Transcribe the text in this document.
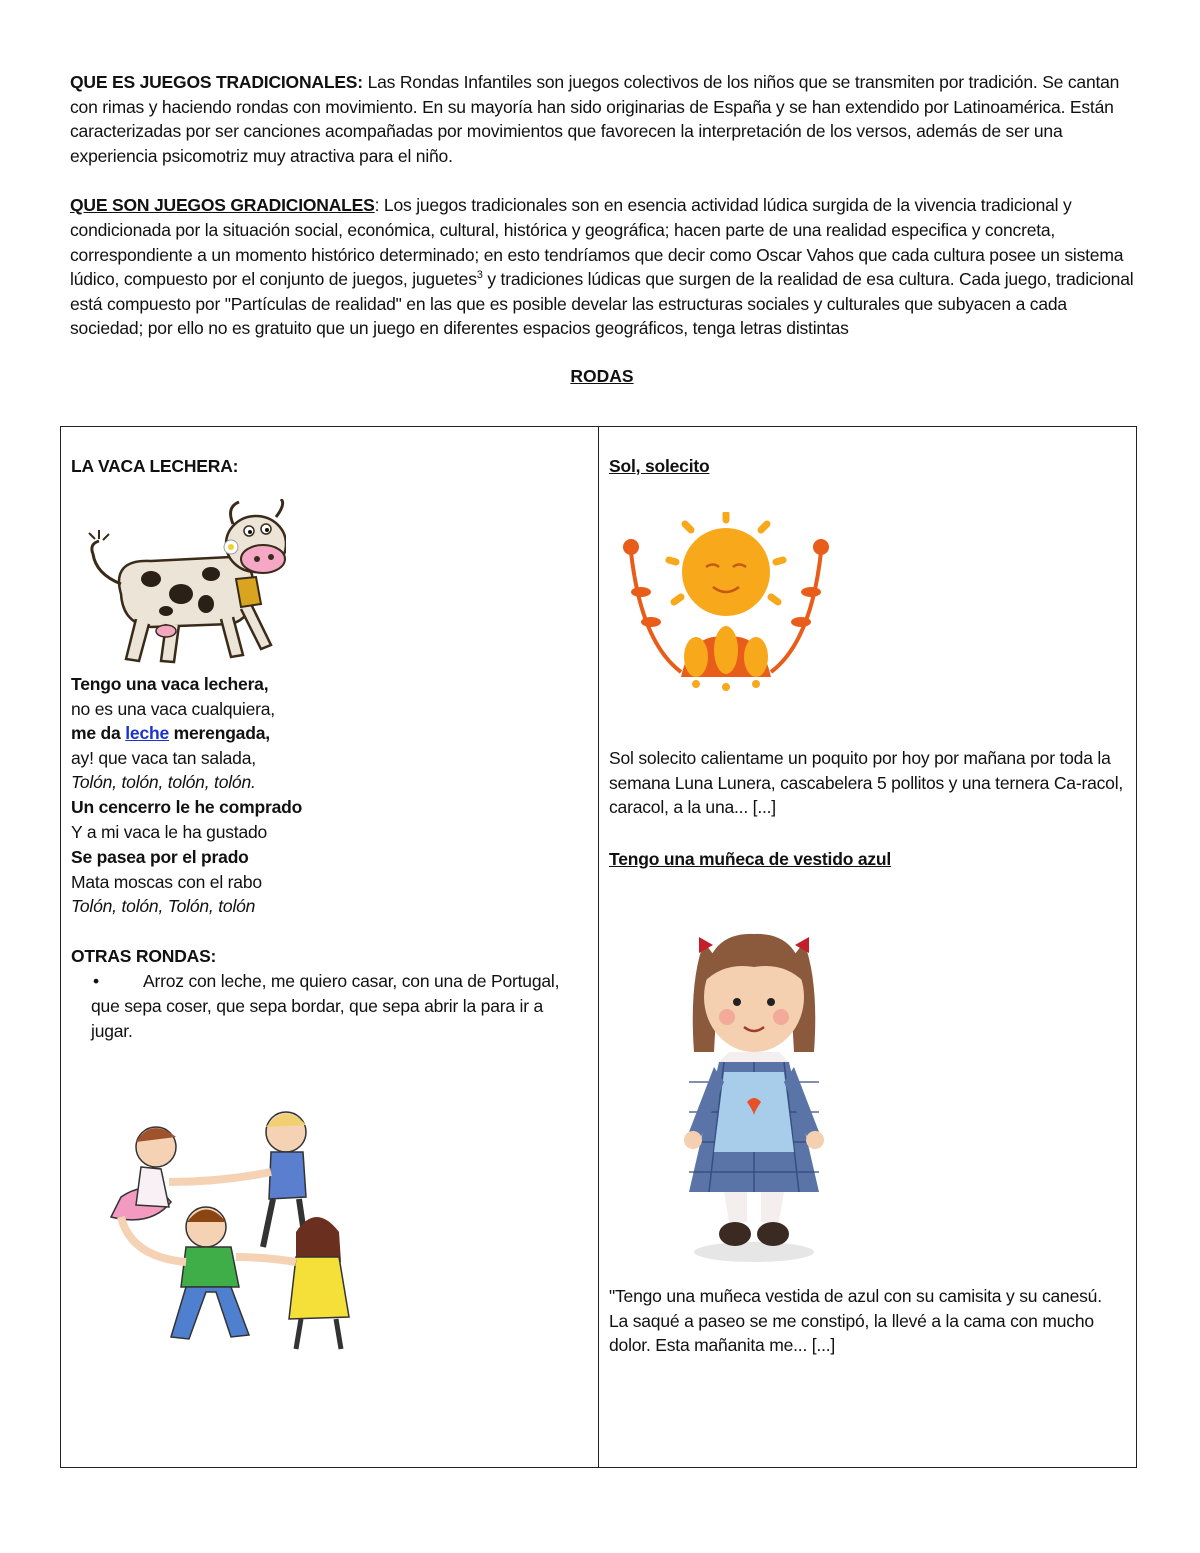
QUE ES JUEGOS TRADICIONALES: Las Rondas Infantiles son juegos colectivos de los niños que se transmiten por tradición. Se cantan con rimas y haciendo rondas con movimiento. En su mayoría han sido originarias de España y se han extendido por Latinoamérica. Están caracterizadas por ser canciones acompañadas por movimientos que favorecen la interpretación de los versos, además de ser una experiencia psicomotriz muy atractiva para el niño.

QUE SON JUEGOS GRADICIONALES: Los juegos tradicionales son en esencia actividad lúdica surgida de la vivencia tradicional y condicionada por la situación social, económica, cultural, histórica y geográfica; hacen parte de una realidad especifica y concreta, correspondiente a un momento histórico determinado; en esto tendríamos que decir como Oscar Vahos que cada cultura posee un sistema lúdico, compuesto por el conjunto de juegos, juguetes$^3$ y tradiciones lúdicas que surgen de la realidad de esa cultura. Cada juego, tradicional está compuesto por "Partículas de realidad" en las que es posible develar las estructuras sociales y culturales que subyacen a cada sociedad; por ello no es gratuito que un juego en diferentes espacios geográficos, tenga letras distintas

RODAS
LA VACA LECHERA:
Tengo una vaca lechera,
no es una vaca cualquiera,
me da leche merengada,
ay! que vaca tan salada,
Tolón, tolón, tolón, tolón.
Un cencerro le he comprado
Y a mi vaca le ha gustado
Se pasea por el prado
Mata moscas con el rabo
Tolón, tolón, Tolón, tolón
OTRAS RONDAS:
•	Arroz con leche, me quiero casar, con una de Portugal,
que sepa coser, que sepa bordar, que sepa abrir la para ir a jugar.

Sol, solecito
Sol solecito calientame un poquito por hoy por mañana por toda la semana Luna Lunera, cascabelera 5 pollitos y una ternera Ca-racol, caracol, a la una... [...]
Tengo una muñeca de vestido azul
"Tengo una muñeca vestida de azul con su camisita y su canesú. La saqué a paseo se me constipó, la llevé a la cama con mucho dolor. Esta mañanita me... [...]
